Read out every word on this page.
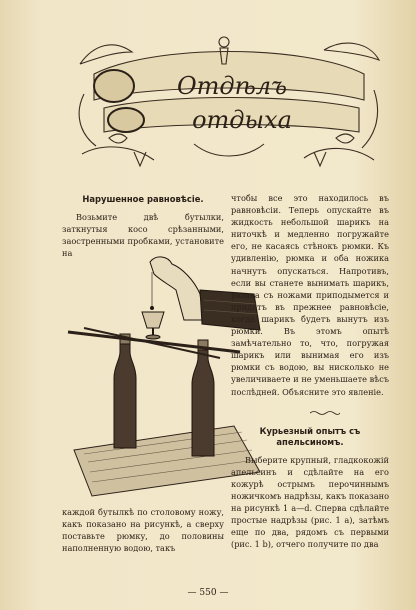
Отдѣлъ
отдыха

Нарушенное равновѣсіе.

Возьмите двѣ бутылки, заткнутыя косо срѣзанными, заостренными пробками, установите на

каждой бутылкѣ по столовому ножу, какъ показано на рисункѣ, а сверху поставьте рюмку, до половины наполненную водою, такъ

чтобы все это находилось въ равновѣсіи. Теперь опускайте въ жидкость небольшой шарикъ на ниточкѣ и медленно погружайте его, не касаясь стѣнокъ рюмки. Къ удивленію, рюмка и оба ножика начнутъ опускаться. Напротивъ, если вы станете вынимать шарикъ, рюмка съ ножами приподымется и придетъ въ прежнее равновѣсіе, когда шарикъ будетъ вынутъ изъ рюмки. Въ этомъ опытѣ замѣчательно то, что, погружая шарикъ или вынимая его изъ рюмки съ водою, вы нисколько не увеличиваете и не уменьшаете вѣсъ послѣдней. Объясните это явленіе.

Курьезный опытъ съ апельсиномъ.

Выберите крупный, гладкокожій апельсинъ и сдѣлайте на его кожурѣ острымъ перочиннымъ ножичкомъ надрѣзы, какъ показано на рисункѣ 1 а—d. Сперва сдѣлайте простые надрѣзы (рис. 1 а), затѣмъ еще по два, рядомъ съ первыми (рис. 1 b), отчего получите по два

— 550 —
